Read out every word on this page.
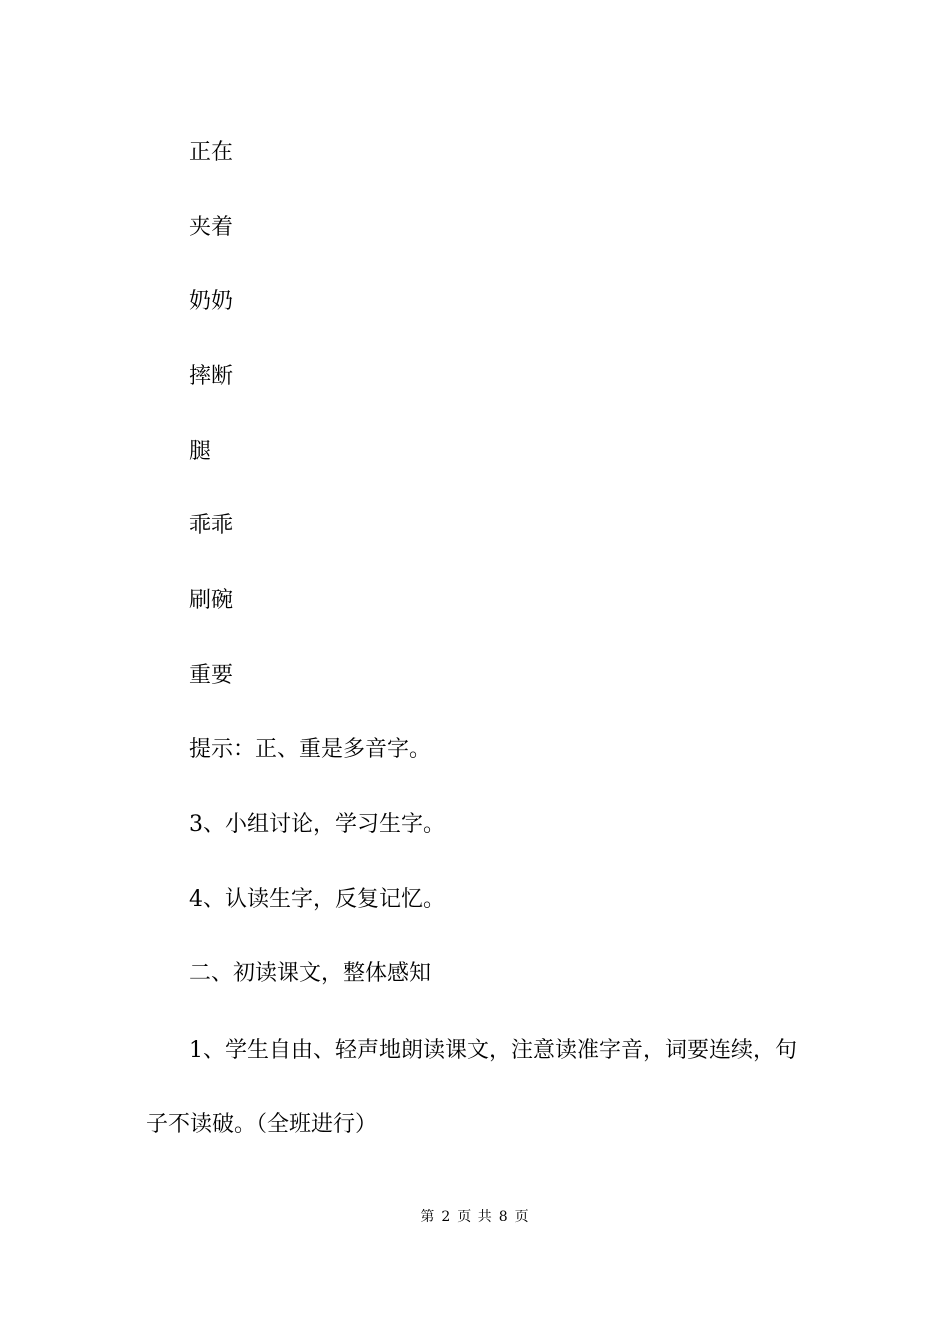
正在
夹着
奶奶
摔断
腿
乖乖
刷碗
重要
提示：正、重是多音字。
3、小组讨论，学习生字。
4、认读生字，反复记忆。
二、初读课文，整体感知
1、学生自由、轻声地朗读课文，注意读准字音，词要连续，句子不读破。（全班进行）
第 2 页 共 8 页
